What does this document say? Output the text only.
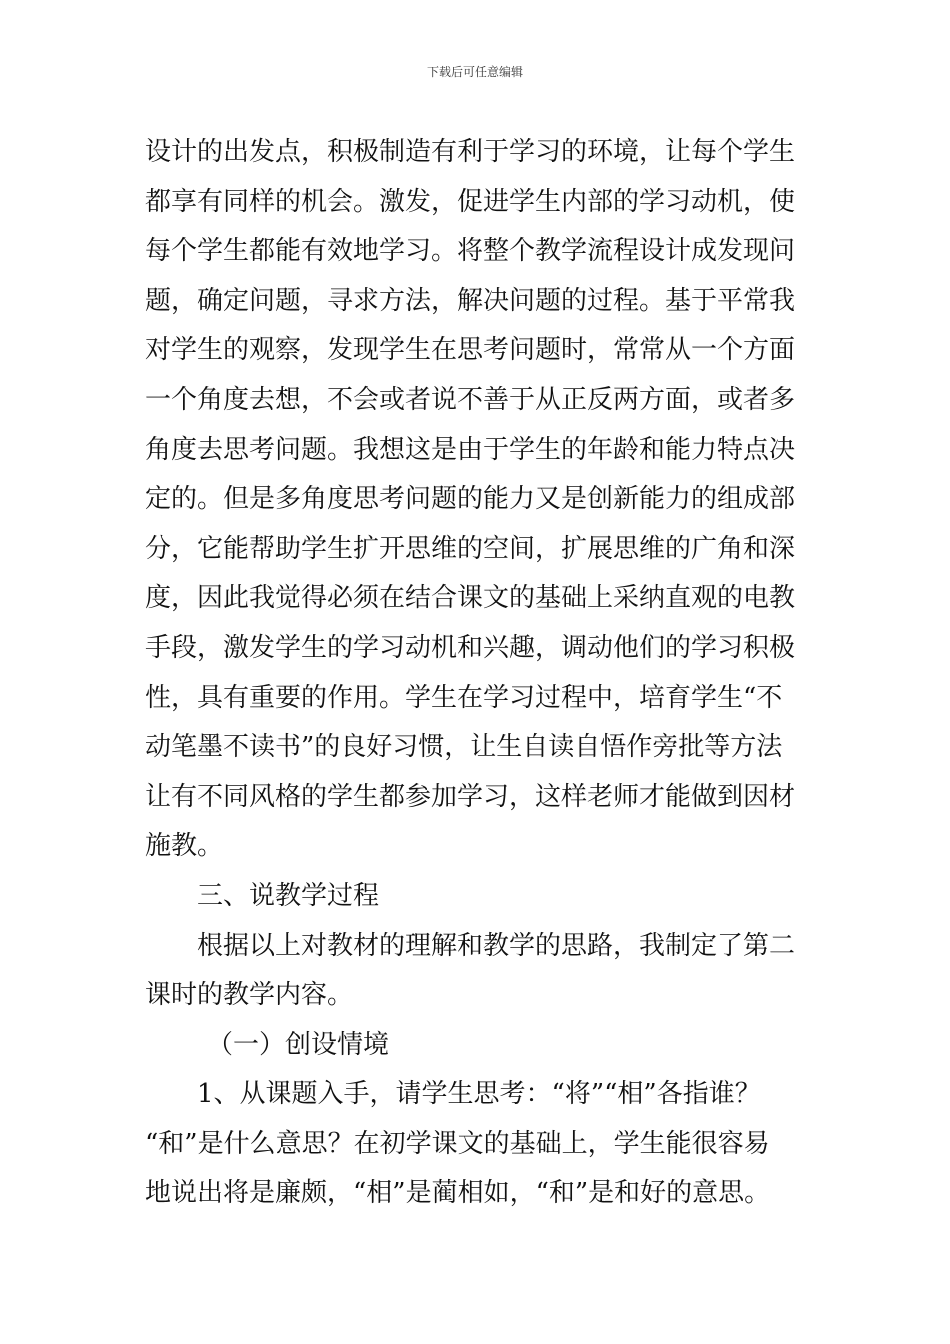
下载后可任意编辑
设计的出发点，积极制造有利于学习的环境，让每个学生
都享有同样的机会。激发，促进学生内部的学习动机，使
每个学生都能有效地学习。将整个教学流程设计成发现问
题，确定问题，寻求方法，解决问题的过程。基于平常我
对学生的观察，发现学生在思考问题时，常常从一个方面
一个角度去想，不会或者说不善于从正反两方面，或者多
角度去思考问题。我想这是由于学生的年龄和能力特点决
定的。但是多角度思考问题的能力又是创新能力的组成部
分，它能帮助学生扩开思维的空间，扩展思维的广角和深
度，因此我觉得必须在结合课文的基础上采纳直观的电教
手段，激发学生的学习动机和兴趣，调动他们的学习积极
性，具有重要的作用。学生在学习过程中，培育学生“不
动笔墨不读书”的良好习惯，让生自读自悟作旁批等方法
让有不同风格的学生都参加学习，这样老师才能做到因材
施教。
三、说教学过程
根据以上对教材的理解和教学的思路，我制定了第二
课时的教学内容。
（一）创设情境
1、从课题入手，请学生思考：“将”“相”各指谁？
“和”是什么意思？在初学课文的基础上，学生能很容易
地说出将是廉颇，“相”是蔺相如，“和”是和好的意思。
